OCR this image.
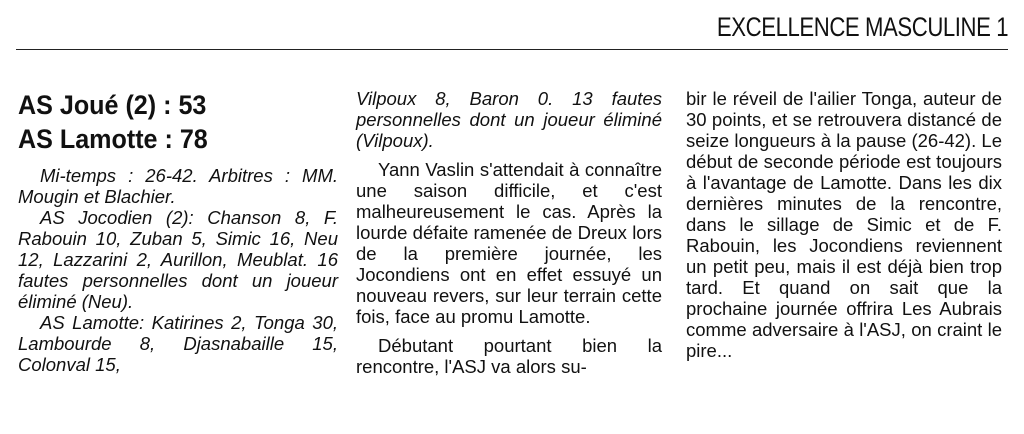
EXCELLENCE MASCULINE 1

AS Joué (2) : 53

AS Lamotte : 78

Mi-temps : 26-42. Arbitres : MM. Mougin et Blachier.

AS Jocodien (2): Chanson 8, F. Rabouin 10, Zuban 5, Simic 16, Neu 12, Lazzarini 2, Aurillon, Meublat. 16 fautes personnelles dont un joueur éliminé (Neu).

AS Lamotte: Katirines 2, Tonga 30, Lambourde 8, Djasnabaille 15, Colonval 15,

Vilpoux 8, Baron 0. 13 fautes personnelles dont un joueur éliminé (Vilpoux).

Yann Vaslin s'attendait à connaître une saison difficile, et c'est malheureusement le cas. Après la lourde défaite ramenée de Dreux lors de la première journée, les Jocondiens ont en effet essuyé un nouveau revers, sur leur terrain cette fois, face au promu Lamotte.

Débutant pourtant bien la rencontre, l'ASJ va alors su-

bir le réveil de l'ailier Tonga, auteur de 30 points, et se retrouvera distancé de seize longueurs à la pause (26-42). Le début de seconde période est toujours à l'avantage de Lamotte. Dans les dix dernières minutes de la rencontre, dans le sillage de Simic et de F. Rabouin, les Jocondiens reviennent un petit peu, mais il est déjà bien trop tard. Et quand on sait que la prochaine journée offrira Les Aubrais comme adversaire à l'ASJ, on craint le pire...
